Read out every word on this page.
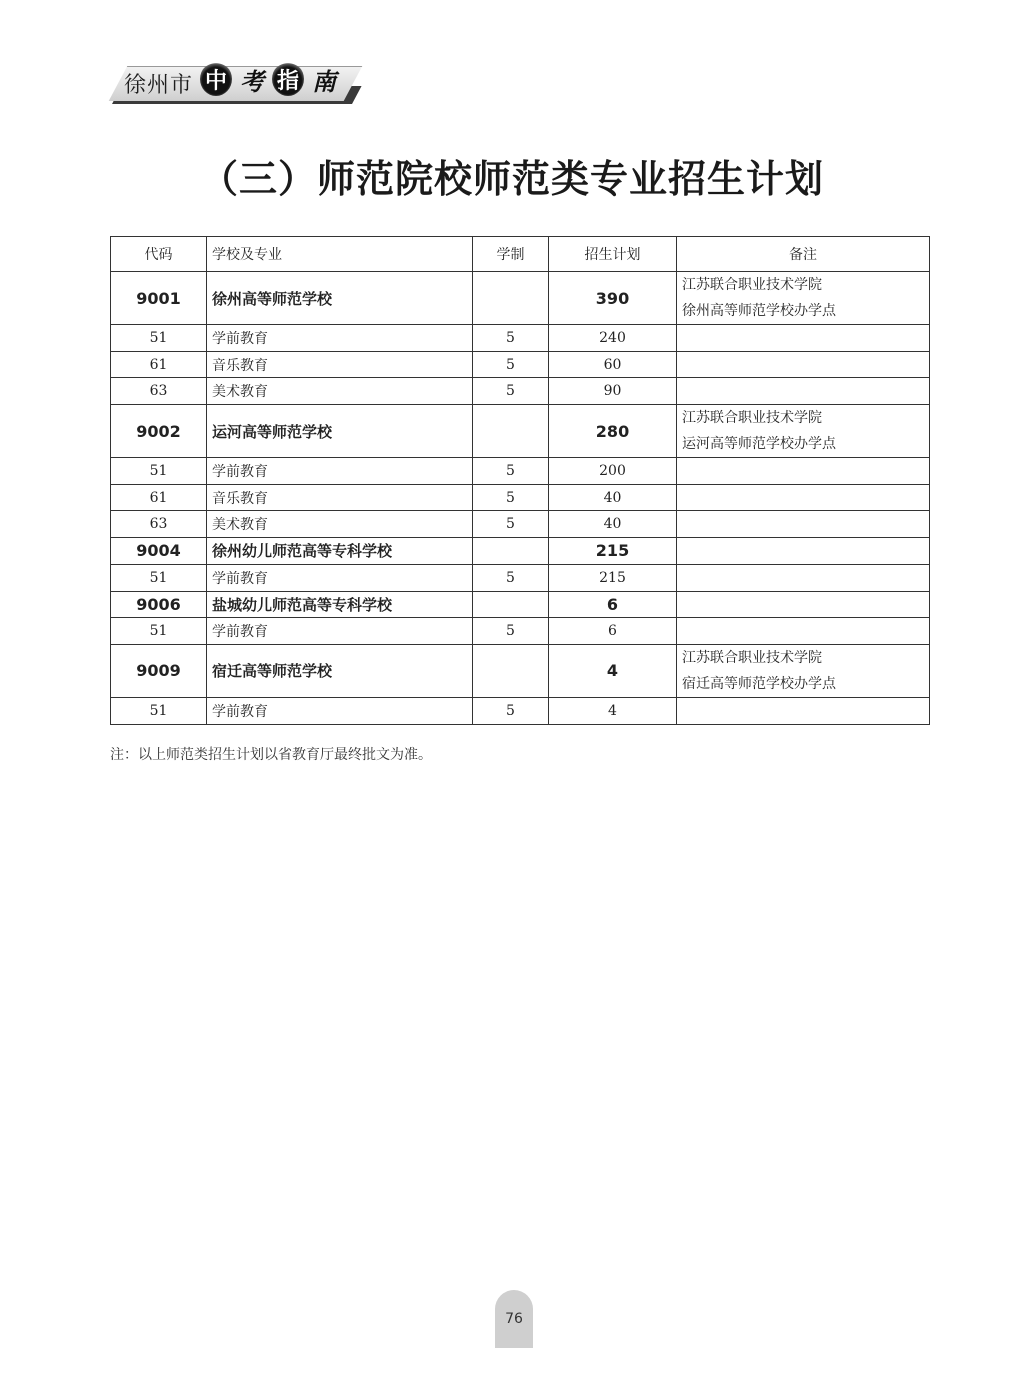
徐州市 中 考 指 南
（三）师范院校师范类专业招生计划
代码	学校及专业	学制	招生计划	备注
9001	徐州高等师范学校		390	江苏联合职业技术学院
徐州高等师范学校办学点

51	学前教育	5	240	
61	音乐教育	5	60	
63	美术教育	5	90	
9002	运河高等师范学校		280	江苏联合职业技术学院
运河高等师范学校办学点

51	学前教育	5	200	
61	音乐教育	5	40	
63	美术教育	5	40	
9004	徐州幼儿师范高等专科学校		215	
51	学前教育	5	215	
9006	盐城幼儿师范高等专科学校		6	
51	学前教育	5	6	
9009	宿迁高等师范学校		4	江苏联合职业技术学院
宿迁高等师范学校办学点

51	学前教育	5	4	
注：以上师范类招生计划以省教育厅最终批文为准。
76
